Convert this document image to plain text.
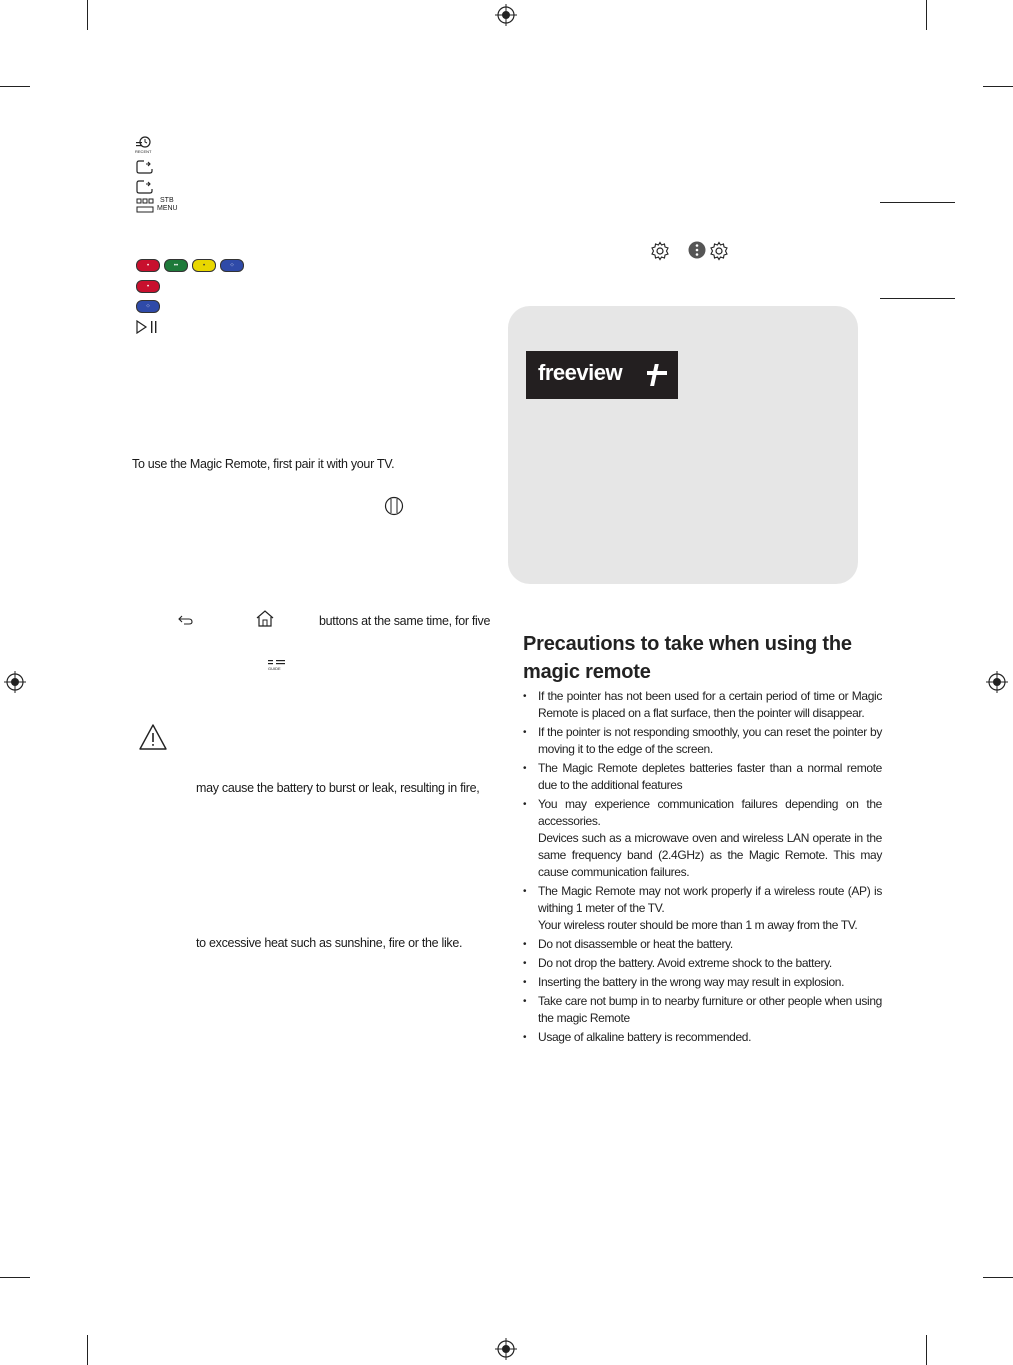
RECENT
STB
MENU
•	••	•	⁘
•
⁘
To use the Magic Remote, first pair it with your TV.
buttons at the same time, for five
GUIDE
may cause the battery to burst or leak, resulting in fire,
to excessive heat such as sunshine, fire or the like.
freeview
Precautions to take when using the magic remote
• If the pointer has not been used for a certain period of time or Magic Remote is placed on a flat surface, then the pointer will disappear.
• If the pointer is not responding smoothly, you can reset the pointer by moving it to the edge of the screen.
• The Magic Remote depletes batteries faster than a normal remote due to the additional features
• You may experience communication failures depending on the accessories.
Devices such as a microwave oven and wireless LAN operate in the same frequency band (2.4GHz) as the Magic Remote. This may cause communication failures.
• The Magic Remote may not work properly if a wireless route (AP) is withing 1 meter of the TV.
Your wireless router should be more than 1 m away from the TV.
• Do not disassemble or heat the battery.
• Do not drop the battery. Avoid extreme shock to the battery.
• Inserting the battery in the wrong way may result in explosion.
• Take care not bump in to nearby furniture or other people when using the magic Remote
• Usage of alkaline battery is recommended.
